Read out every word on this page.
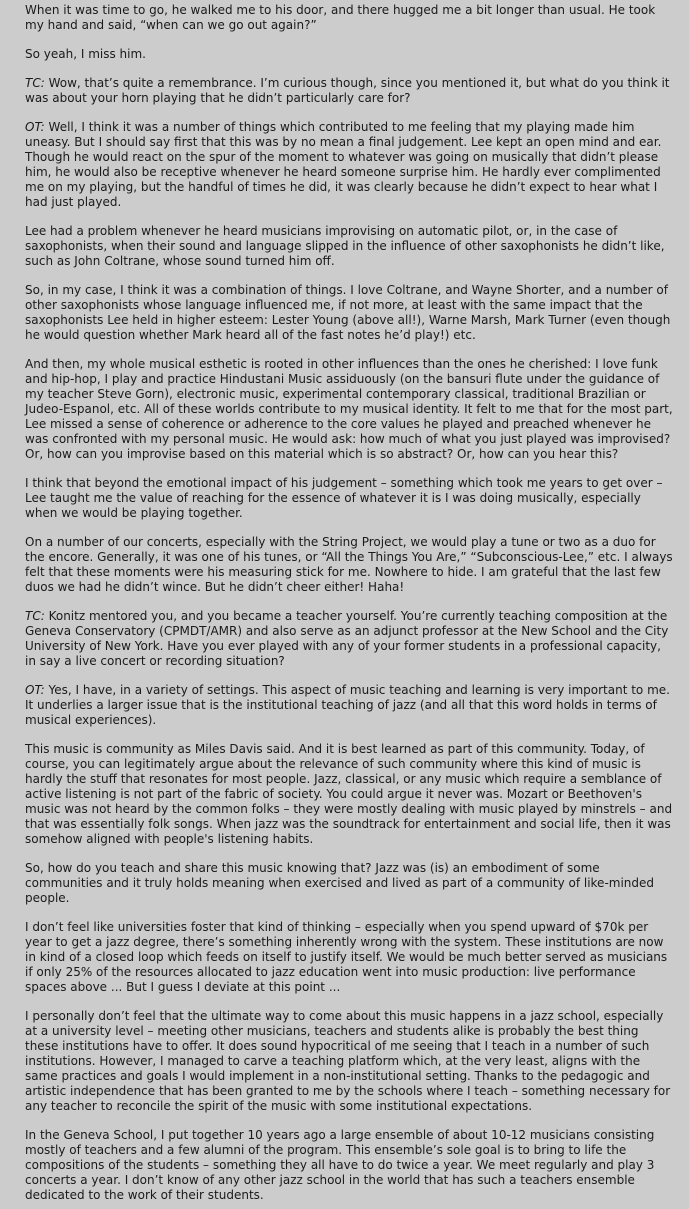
When it was time to go, he walked me to his door, and there hugged me a bit longer than usual. He took my hand and said, “when can we go out again?”

So yeah, I miss him.

TC: Wow, that’s quite a remembrance. I’m curious though, since you mentioned it, but what do you think it was about your horn playing that he didn’t particularly care for?

OT: Well, I think it was a number of things which contributed to me feeling that my playing made him uneasy. But I should say first that this was by no mean a final judgement. Lee kept an open mind and ear. Though he would react on the spur of the moment to whatever was going on musically that didn’t please him, he would also be receptive whenever he heard someone surprise him. He hardly ever complimented me on my playing, but the handful of times he did, it was clearly because he didn’t expect to hear what I had just played.

Lee had a problem whenever he heard musicians improvising on automatic pilot, or, in the case of saxophonists, when their sound and language slipped in the influence of other saxophonists he didn’t like, such as John Coltrane, whose sound turned him off.

So, in my case, I think it was a combination of things. I love Coltrane, and Wayne Shorter, and a number of other saxophonists whose language influenced me, if not more, at least with the same impact that the saxophonists Lee held in higher esteem: Lester Young (above all!), Warne Marsh, Mark Turner (even though he would question whether Mark heard all of the fast notes he’d play!) etc.

And then, my whole musical esthetic is rooted in other influences than the ones he cherished: I love funk and hip-hop, I play and practice Hindustani Music assiduously (on the bansuri flute under the guidance of my teacher Steve Gorn), electronic music, experimental contemporary classical, traditional Brazilian or Judeo-Espanol, etc. All of these worlds contribute to my musical identity. It felt to me that for the most part, Lee missed a sense of coherence or adherence to the core values he played and preached whenever he was confronted with my personal music. He would ask: how much of what you just played was improvised? Or, how can you improvise based on this material which is so abstract? Or, how can you hear this?

I think that beyond the emotional impact of his judgement – something which took me years to get over – Lee taught me the value of reaching for the essence of whatever it is I was doing musically, especially when we would be playing together.

On a number of our concerts, especially with the String Project, we would play a tune or two as a duo for the encore. Generally, it was one of his tunes, or “All the Things You Are,” “Subconscious-Lee,” etc. I always felt that these moments were his measuring stick for me. Nowhere to hide. I am grateful that the last few duos we had he didn’t wince. But he didn’t cheer either! Haha!

TC: Konitz mentored you, and you became a teacher yourself. You’re currently teaching composition at the Geneva Conservatory (CPMDT/AMR) and also serve as an adjunct professor at the New School and the City University of New York. Have you ever played with any of your former students in a professional capacity, in say a live concert or recording situation?

OT: Yes, I have, in a variety of settings. This aspect of music teaching and learning is very important to me. It underlies a larger issue that is the institutional teaching of jazz (and all that this word holds in terms of musical experiences).

This music is community as Miles Davis said. And it is best learned as part of this community. Today, of course, you can legitimately argue about the relevance of such community where this kind of music is hardly the stuff that resonates for most people. Jazz, classical, or any music which require a semblance of active listening is not part of the fabric of society. You could argue it never was. Mozart or Beethoven's music was not heard by the common folks – they were mostly dealing with music played by minstrels – and that was essentially folk songs. When jazz was the soundtrack for entertainment and social life, then it was somehow aligned with people's listening habits.

So, how do you teach and share this music knowing that? Jazz was (is) an embodiment of some communities and it truly holds meaning when exercised and lived as part of a community of like-minded people.

I don’t feel like universities foster that kind of thinking – especially when you spend upward of $70k per year to get a jazz degree, there’s something inherently wrong with the system. These institutions are now in kind of a closed loop which feeds on itself to justify itself. We would be much better served as musicians if only 25% of the resources allocated to jazz education went into music production: live performance spaces above ... But I guess I deviate at this point ...

I personally don’t feel that the ultimate way to come about this music happens in a jazz school, especially at a university level – meeting other musicians, teachers and students alike is probably the best thing these institutions have to offer. It does sound hypocritical of me seeing that I teach in a number of such institutions. However, I managed to carve a teaching platform which, at the very least, aligns with the same practices and goals I would implement in a non-institutional setting. Thanks to the pedagogic and artistic independence that has been granted to me by the schools where I teach – something necessary for any teacher to reconcile the spirit of the music with some institutional expectations.

In the Geneva School, I put together 10 years ago a large ensemble of about 10-12 musicians consisting mostly of teachers and a few alumni of the program. This ensemble’s sole goal is to bring to life the compositions of the students – something they all have to do twice a year. We meet regularly and play 3 concerts a year. I don’t know of any other jazz school in the world that has such a teachers ensemble dedicated to the work of their students.
